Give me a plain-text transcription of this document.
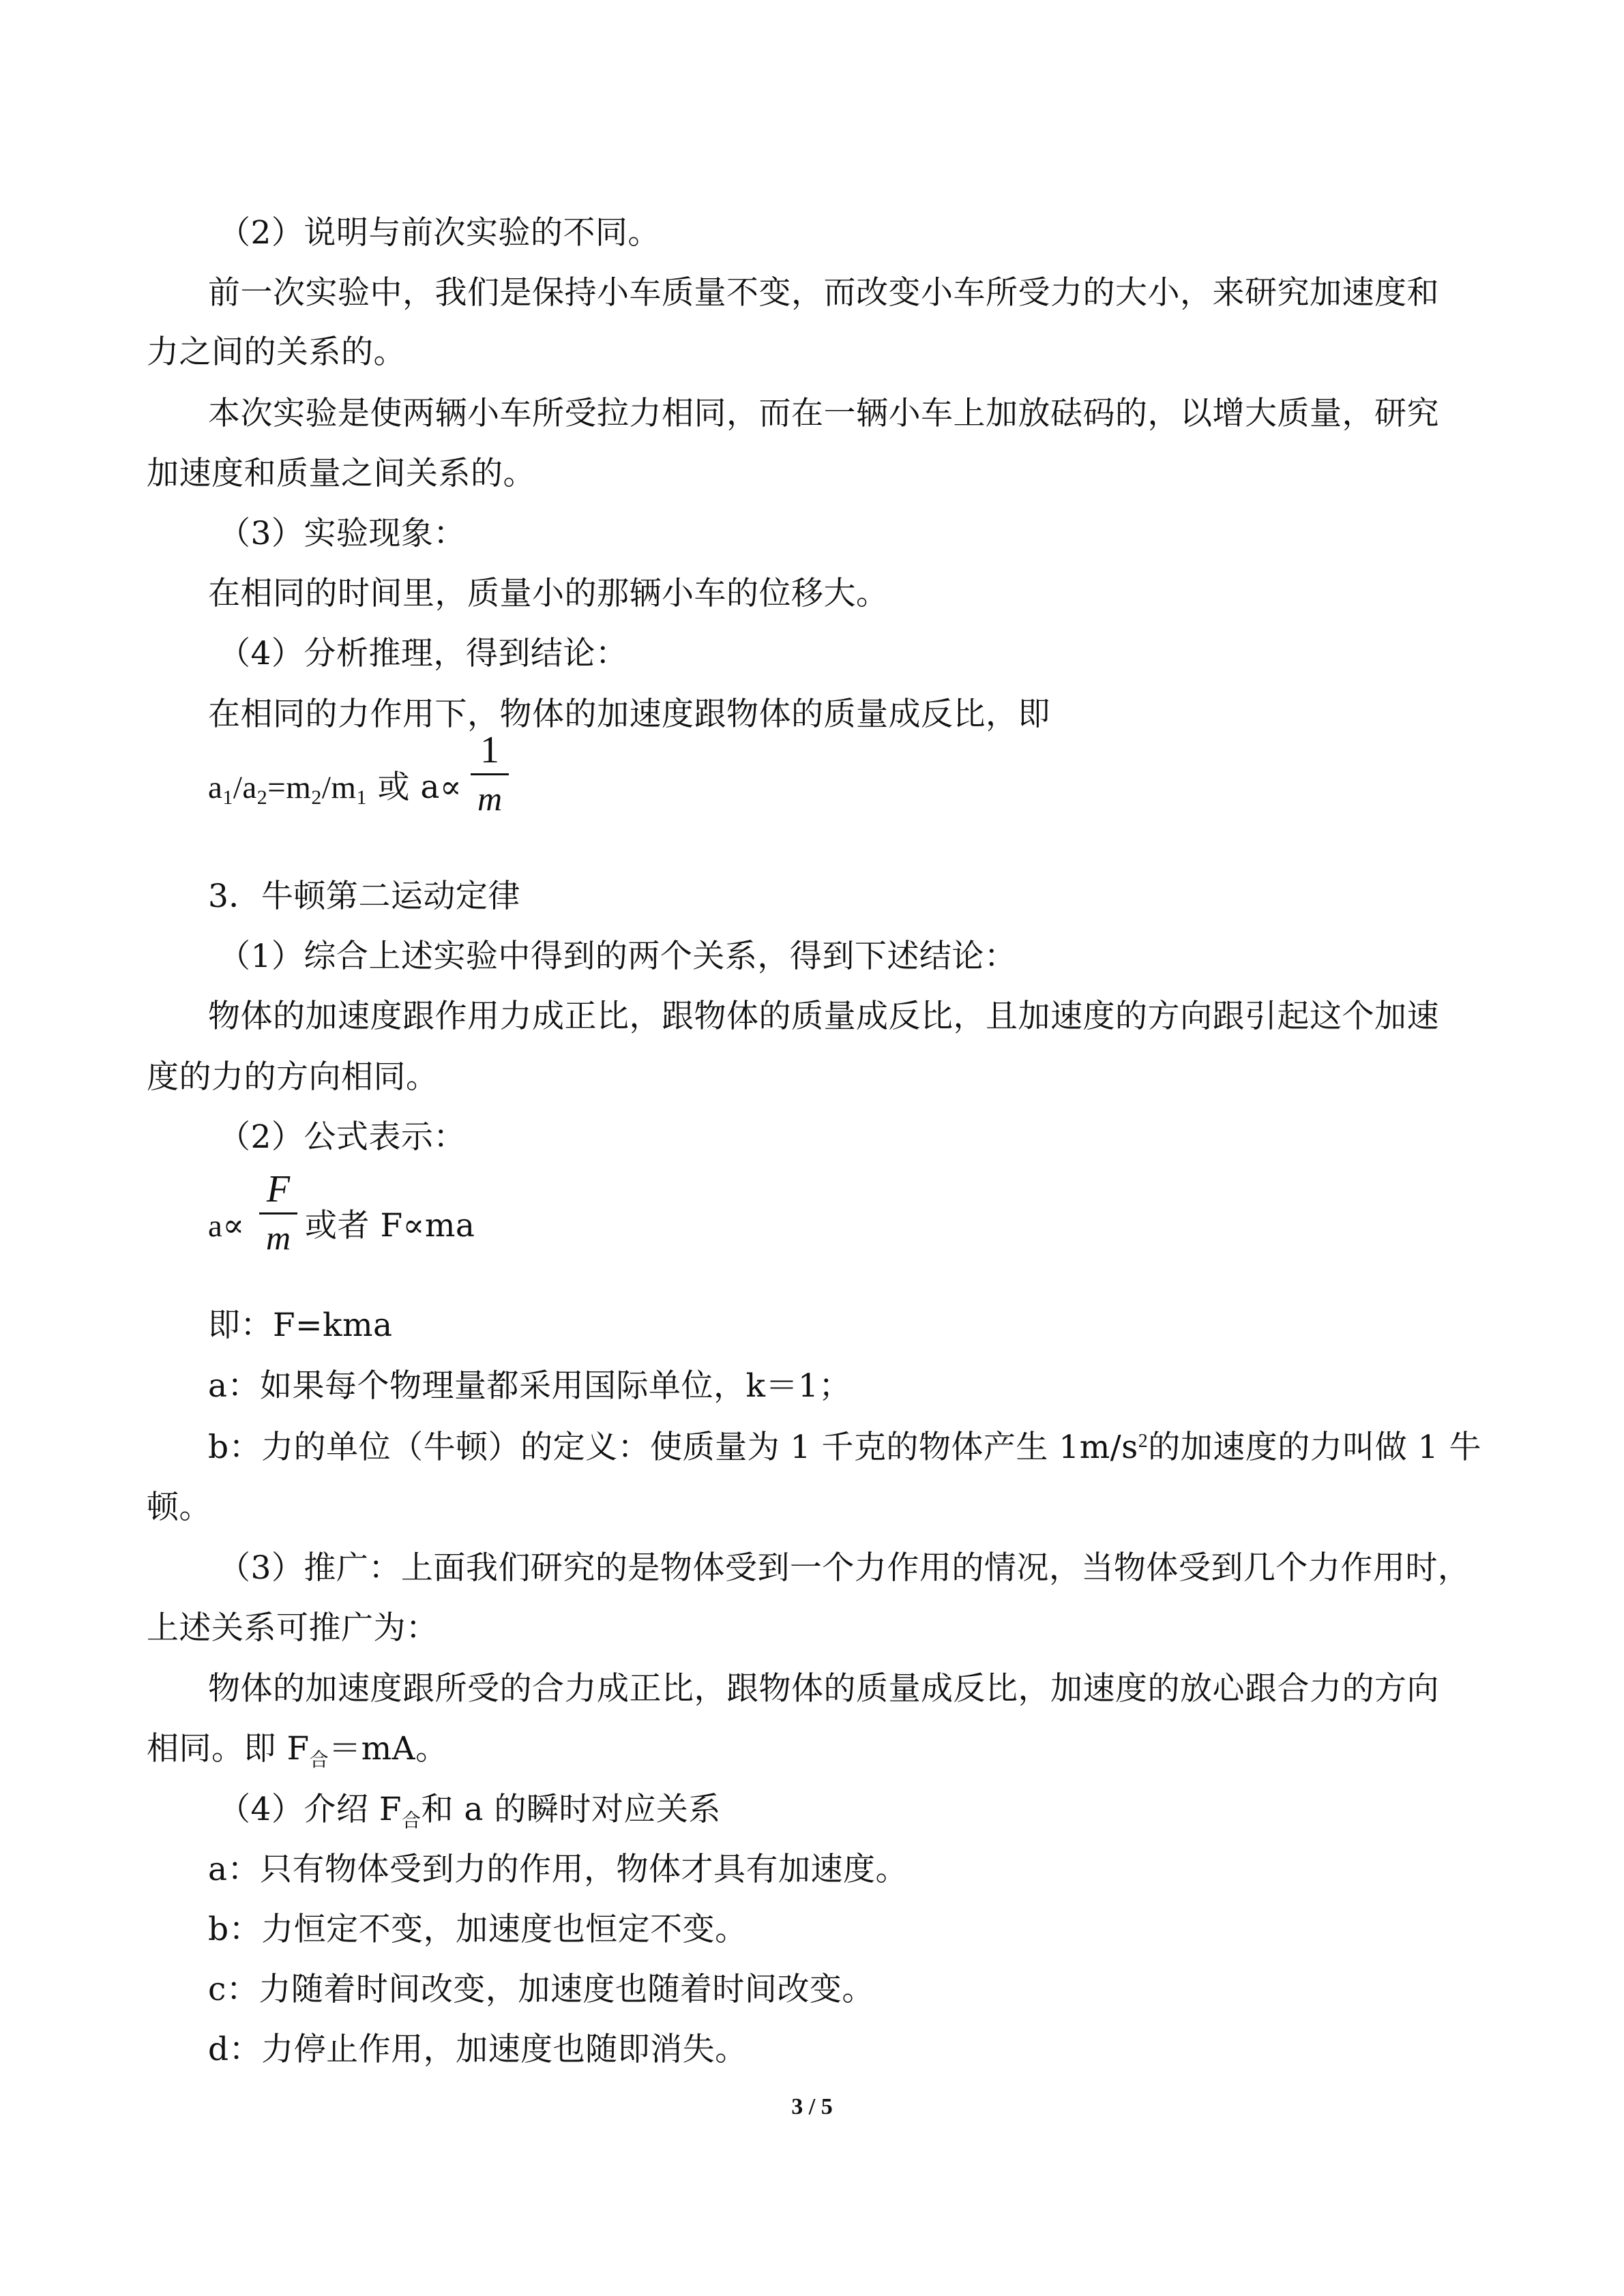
（2）说明与前次实验的不同。
前一次实验中，我们是保持小车质量不变，而改变小车所受力的大小，来研究加速度和
力之间的关系的。
本次实验是使两辆小车所受拉力相同，而在一辆小车上加放砝码的，以增大质量，研究
加速度和质量之间关系的。
（3）实验现象：
在相同的时间里，质量小的那辆小车的位移大。
（4）分析推理，得到结论：
在相同的力作用下，物体的加速度跟物体的质量成反比，即
a1/a2=m2/m1 或 a∝
1
m
3．牛顿第二运动定律
（1）综合上述实验中得到的两个关系，得到下述结论：
物体的加速度跟作用力成正比，跟物体的质量成反比，且加速度的方向跟引起这个加速
度的力的方向相同。
（2）公式表示：
a∝
F
m 或者 F∝ma
即：F=kma
a：如果每个物理量都采用国际单位，k＝1；
b：力的单位（牛顿）的定义：使质量为 1 千克的物体产生 $1m/s^2$的加速度的力叫做 1 牛
顿。
（3）推广：上面我们研究的是物体受到一个力作用的情况，当物体受到几个力作用时，
上述关系可推广为：
物体的加速度跟所受的合力成正比，跟物体的质量成反比，加速度的放心跟合力的方向
相同。即 $F_合=mA$。
（4）介绍 $F_合$和 a 的瞬时对应关系
a：只有物体受到力的作用，物体才具有加速度。
b：力恒定不变，加速度也恒定不变。
c：力随着时间改变，加速度也随着时间改变。
d：力停止作用，加速度也随即消失。
3 / 5
